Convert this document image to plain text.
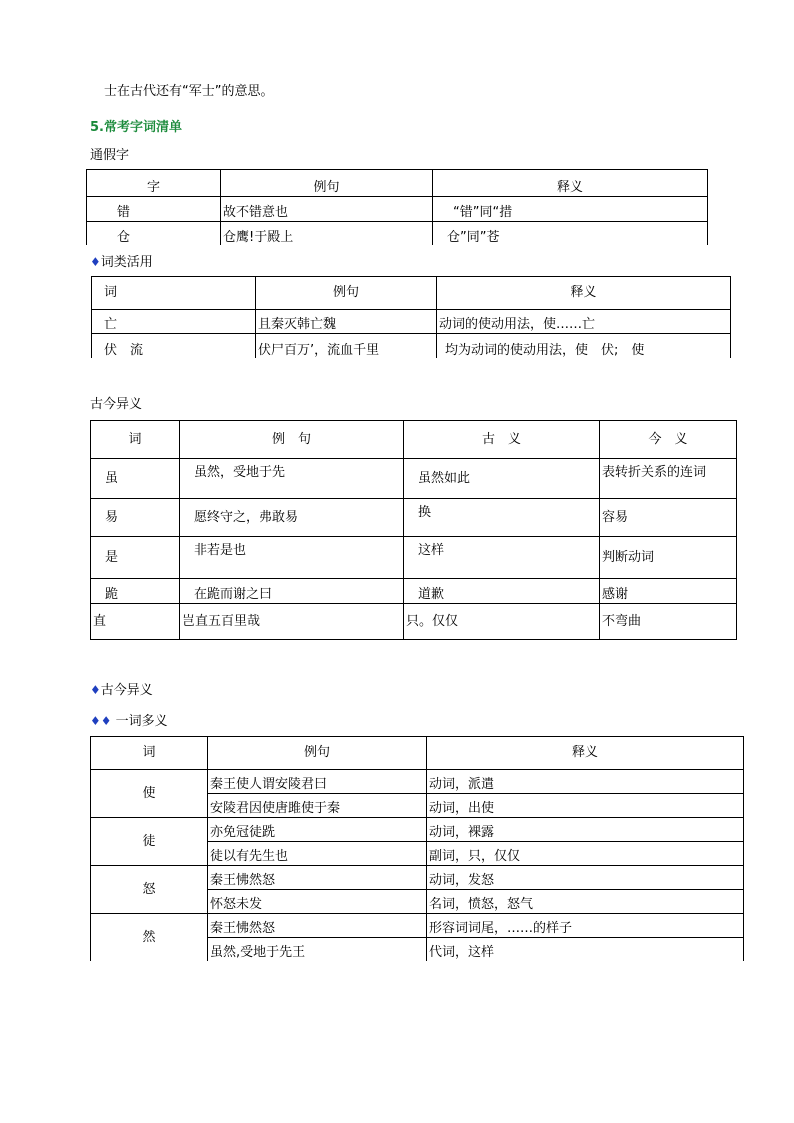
士在古代还有“军士”的意思。
5.常考字词清单
通假字
字	例句	释义
错	故不错意也	“错”同“措
仓	仓鹰!于殿上	仓”同”苍
♦词类活用
词	例句	释义
亡	且秦灭韩亡魏	动词的使动用法，使……亡
伏　流	伏尸百万’，流血千里	均为动词的使动用法，使　伏;　使
古今异义
词	例　句	古　义	今　义
虽	虽然，受地于先	虽然如此	表转折关系的连词
易	愿终守之，弗敢易	换	容易
是	非若是也	这样	判断动词
跪	在跪而谢之曰	道歉	感谢
直	岂直五百里哉	只。仅仅	不弯曲
♦古今异义
♦♦ 一词多义
词	例句	释义
使	秦王使人谓安陵君曰	动词，派遣
	安陵君因使唐雎使于秦	动词，出使
徒	亦免冠徒跣	动词，裸露
	徒以有先生也	副词，只，仅仅
怒	秦王怫然怒	动词，发怒
	怀怒未发	名词，愤怒，怒气
然	秦王怫然怒	形容词词尾，……的样子
	虽然,受地于先王	代词，这样
